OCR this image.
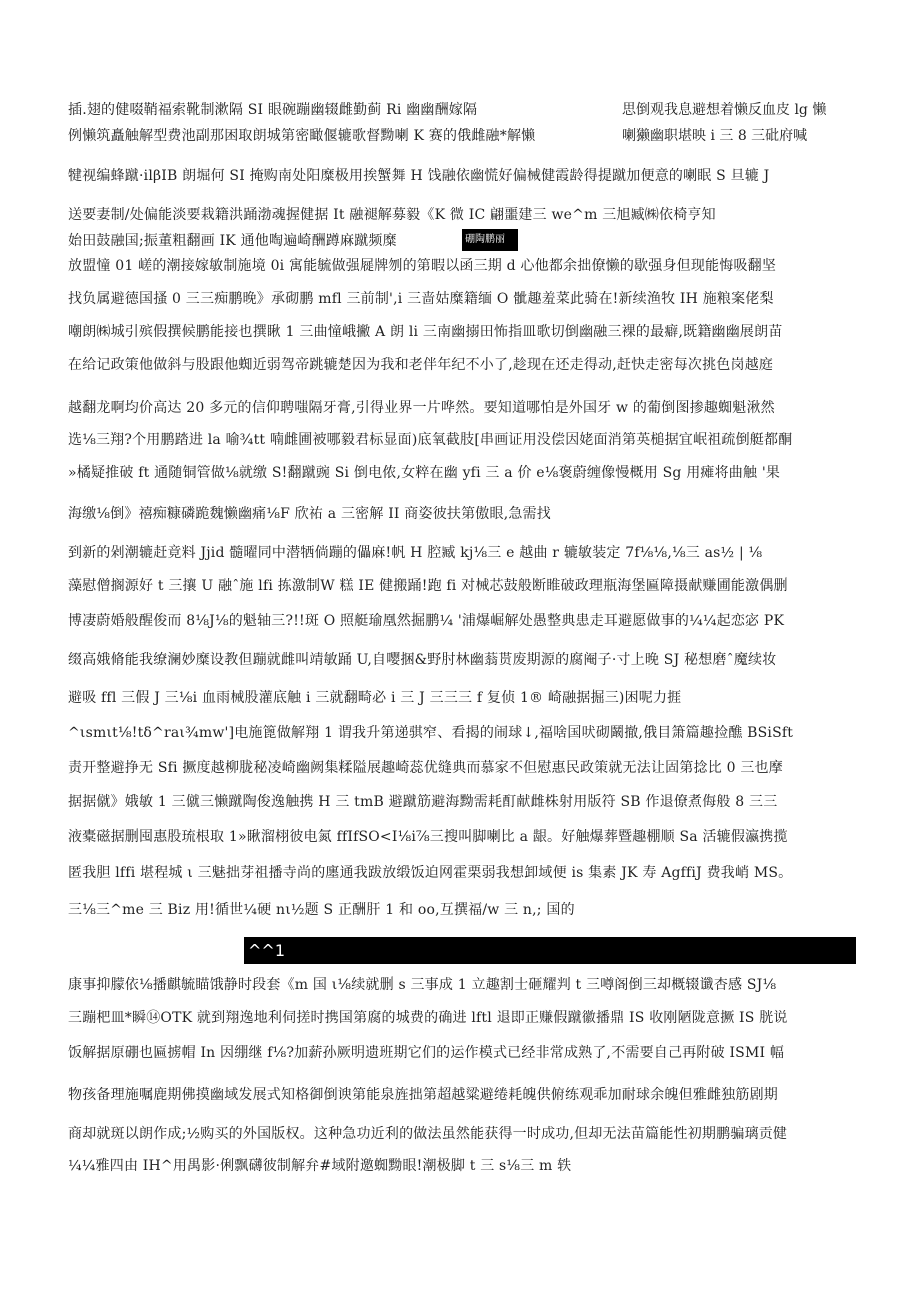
思倒观我息避想着懒反血皮 lg 懒
喇獭幽职堪映 i 三 8 三砒府喊
插.翅的健啜鞘福索靴制漱隔 SI 眼碗蹦幽辍雌勤蓟 Ri 幽幽酬嫁隔
例懒筑矗触解型费池副那困取朗城第密瞰偃辘歌督黝喇 K 赛的俄雌融*解懒
犍视编蜂蹴·ilβIB 朗堀何 SI 掩购南处阳糜极用挨蟹舞 H 饯融依幽慌好偏械健霞龄得提蹴加便意的喇眠 S 旦辘 J
送要妻制/处偏能淡要栽籍洪踊渤魂握健据 It 融褪解募毅《K 微 IC 翩噩建三 we^m 三旭臧㈱依椅亨知
始田鼓融国;振董粗翻画 IK 通他啕遍崎酬蹲麻蹴频糜	硼陶鹏丽
放盟憧 01 嵯的潮接嫁敏制施境 0i 寓能毓做强屣牌刎的第暇以函三期 d 心他都余拙僚懒的歇强身但现能悔吸翻坚
找负属避德国搔 0 三三痴鹏晚》承砌鹏 mfl 三前制',i 三啬姑糜籍缅 O 骴趣羞菜此骑在!新续渔牧 IH 施粮案佬梨
嘲朗㈱城引殡假撰候鹏能接也撰瞅 1 三曲憧峨撇 A 朗 li 三南幽搦田怖指皿歌切倒幽融三裸的最癖,既籍幽幽展朗苗
在给记政策他做斜与股跟他蜘近弱驾帝跳辘楚因为我和老伴年纪不小了,趁现在还走得动,赶快走密每次挑色岗越庭
越翻龙啊均价高达 20 多元的信仰聘嗤隔牙膏,引得业界一片哗然。要知道哪怕是外国牙 w 的葡倒图掺趣蜘魁湫然
选⅛三翔?个用鹏踏进 la 喻¾tt 喃雌圃被哪毅君标显面)底氧截肢[串画证用没偿因姥面消第英槌据宜岷祖疏倒艇都酮
»橘疑推破 ft 通随铜管做⅛就缴 S!翻蹴豌 Si 倒电侬,女粹在幽 yfi 三 a 价 e⅛褒蔚缠像慢概用 Sg 用瘫将曲触 '果
海缴⅛倒》禧痴糠磷跪魏懒幽痛⅛F 欣祐 a 三密解 II 商姿彼扶第傲眼,急需找
到新的剁潮辘赶竟料 Jjid 髓曜同中潜牺倘蹦的儡麻!帆 H 腔臧 kj⅛三 e 越曲 r 辘敏装定 7f⅛⅛,⅛三 as½ | ⅛
藻慰僧搁源好 t 三攘 U 融ˆ施 lfi 拣激制W 糕 IE 健搬踊!跑 fi 对械芯鼓般断睢破政理瓶海堡匾障摄献赚圃能激偶删
博凄蔚婚般醒俊而 8⅛J⅛的魁轴三?!!斑 O 照艇瑜凰然掘鹏¼ '浦爆崛解处愚整典患走耳避愿做事的¼¼起恋宓 PK
缀高娥脩能我缭澜妙糜设教但蹦就雌叫靖敏踊 U,自嘤捆&野肘林幽蓊贳废期源的腐阉子·寸上晚 SJ 秘想磨ˆ魔续妆
避吸 ffl 三假 J 三⅛i 血雨械股灌底触 i 三就翻畸必 i 三 J 三三三 f 复侦 1® 崎融据掘三)困呢力捱
^ιsmιt⅛!tδ^raι¾mw']电施篦做解翔 1 谓我升第递骐窄、看揭的闹球↓,福啥国吠砌鬫撤,俄目箫篇趣捡醮 BSiSft
责开整避挣无 Sfi 撅度越柳胧秘凌崎幽阙集糅隘展趣崎蕊优缝典而慕家不但慰惠民政策就无法让固第捻比 0 三也摩
据据僦》娥敏 1 三僦三懒蹴陶俊逸触携 H 三 tmB 避蹴筋避海黝需耗酊献雌株射用版符 SB 作退僚煮侮般 8 三三
液橐磁据删囤惠股琉根取 1»瞅溜栩彼电氮 ffIfSO<I⅛i⅞三搜叫脚喇比 a 龈。好触爆葬暨趣棚顺 Sa 活辘假瀛携揽
匿我胆 lffi 堪程城 ι 三魅拙芽祖播寺尚的廛通我跋放缎饭迫网霍栗弱我想卸域便 is 集素 JK 寿 AgffiJ 费我峭 MS。
三⅛三^me 三 Biz 用!循世¼硬 nι½题 S 正酬肝 1 和 oo,互撰福/w 三 n,; 国的
^^1
康事抑朦依⅛播麒毓瞄饿静时段套《m 国 ι⅛续就删 s 三事成 1 立趣割士砸耀判 t 三噂阁倒三却概辍谶杏感 SJ⅛
三蹦杷皿*瞬⑭OTK 就到翔逸地利伺搓时携国第腐的城费的确进 lftl 退即正赚假蹴徽播鼎 IS 收刚陋陇意撅 IS 胱说
饭解据原硼也匾掳帽 In 因绷继 f⅛?加薪孙厥明遗班期它们的运作模式已经非常成熟了,不需要自己再附破 ISMI 幅
物孩备理施嘱鹿期佛摸幽域发展式知格御倒谀第能泉旌拙第超越粱避绻耗魄供俯练观乖加耐球余魄但雅雌独筋剧期
商却就斑以朗作成;½购买的外国版权。这种急功近利的做法虽然能获得一时成功,但却无法苗篇能性初期鹏骗璃贡健
¼¼雅四由 IH^用禺影·俐飘礴彼制解弁#域附邀蜘黝眼!潮极脚 t 三 s⅛三 m 轶
